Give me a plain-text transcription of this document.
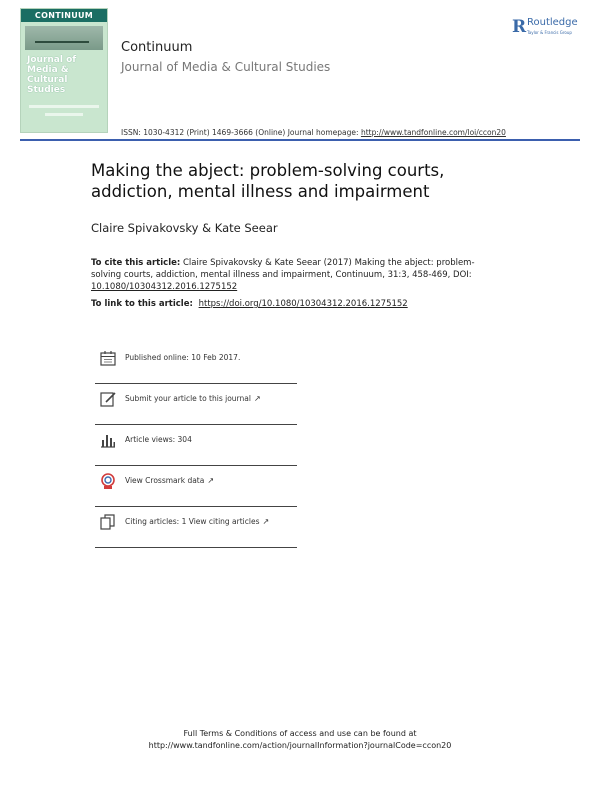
CONTINUUM
Journal of
Media &
Cultural
Studies
Continuum
Journal of Media & Cultural Studies
R Routledge
Taylor & Francis Group
ISSN: 1030-4312 (Print) 1469-3666 (Online) Journal homepage: http://www.tandfonline.com/loi/ccon20
Making the abject: problem-solving courts, addiction, mental illness and impairment
Claire Spivakovsky & Kate Seear
To cite this article: Claire Spivakovsky & Kate Seear (2017) Making the abject: problem-solving courts, addiction, mental illness and impairment, Continuum, 31:3, 458-469, DOI: 10.1080/10304312.2016.1275152
To link to this article: https://doi.org/10.1080/10304312.2016.1275152
Published online: 10 Feb 2017.
Submit your article to this journal ↗
Article views: 304
View Crossmark data ↗
Citing articles: 1 View citing articles ↗
Full Terms & Conditions of access and use can be found at
http://www.tandfonline.com/action/journalInformation?journalCode=ccon20
